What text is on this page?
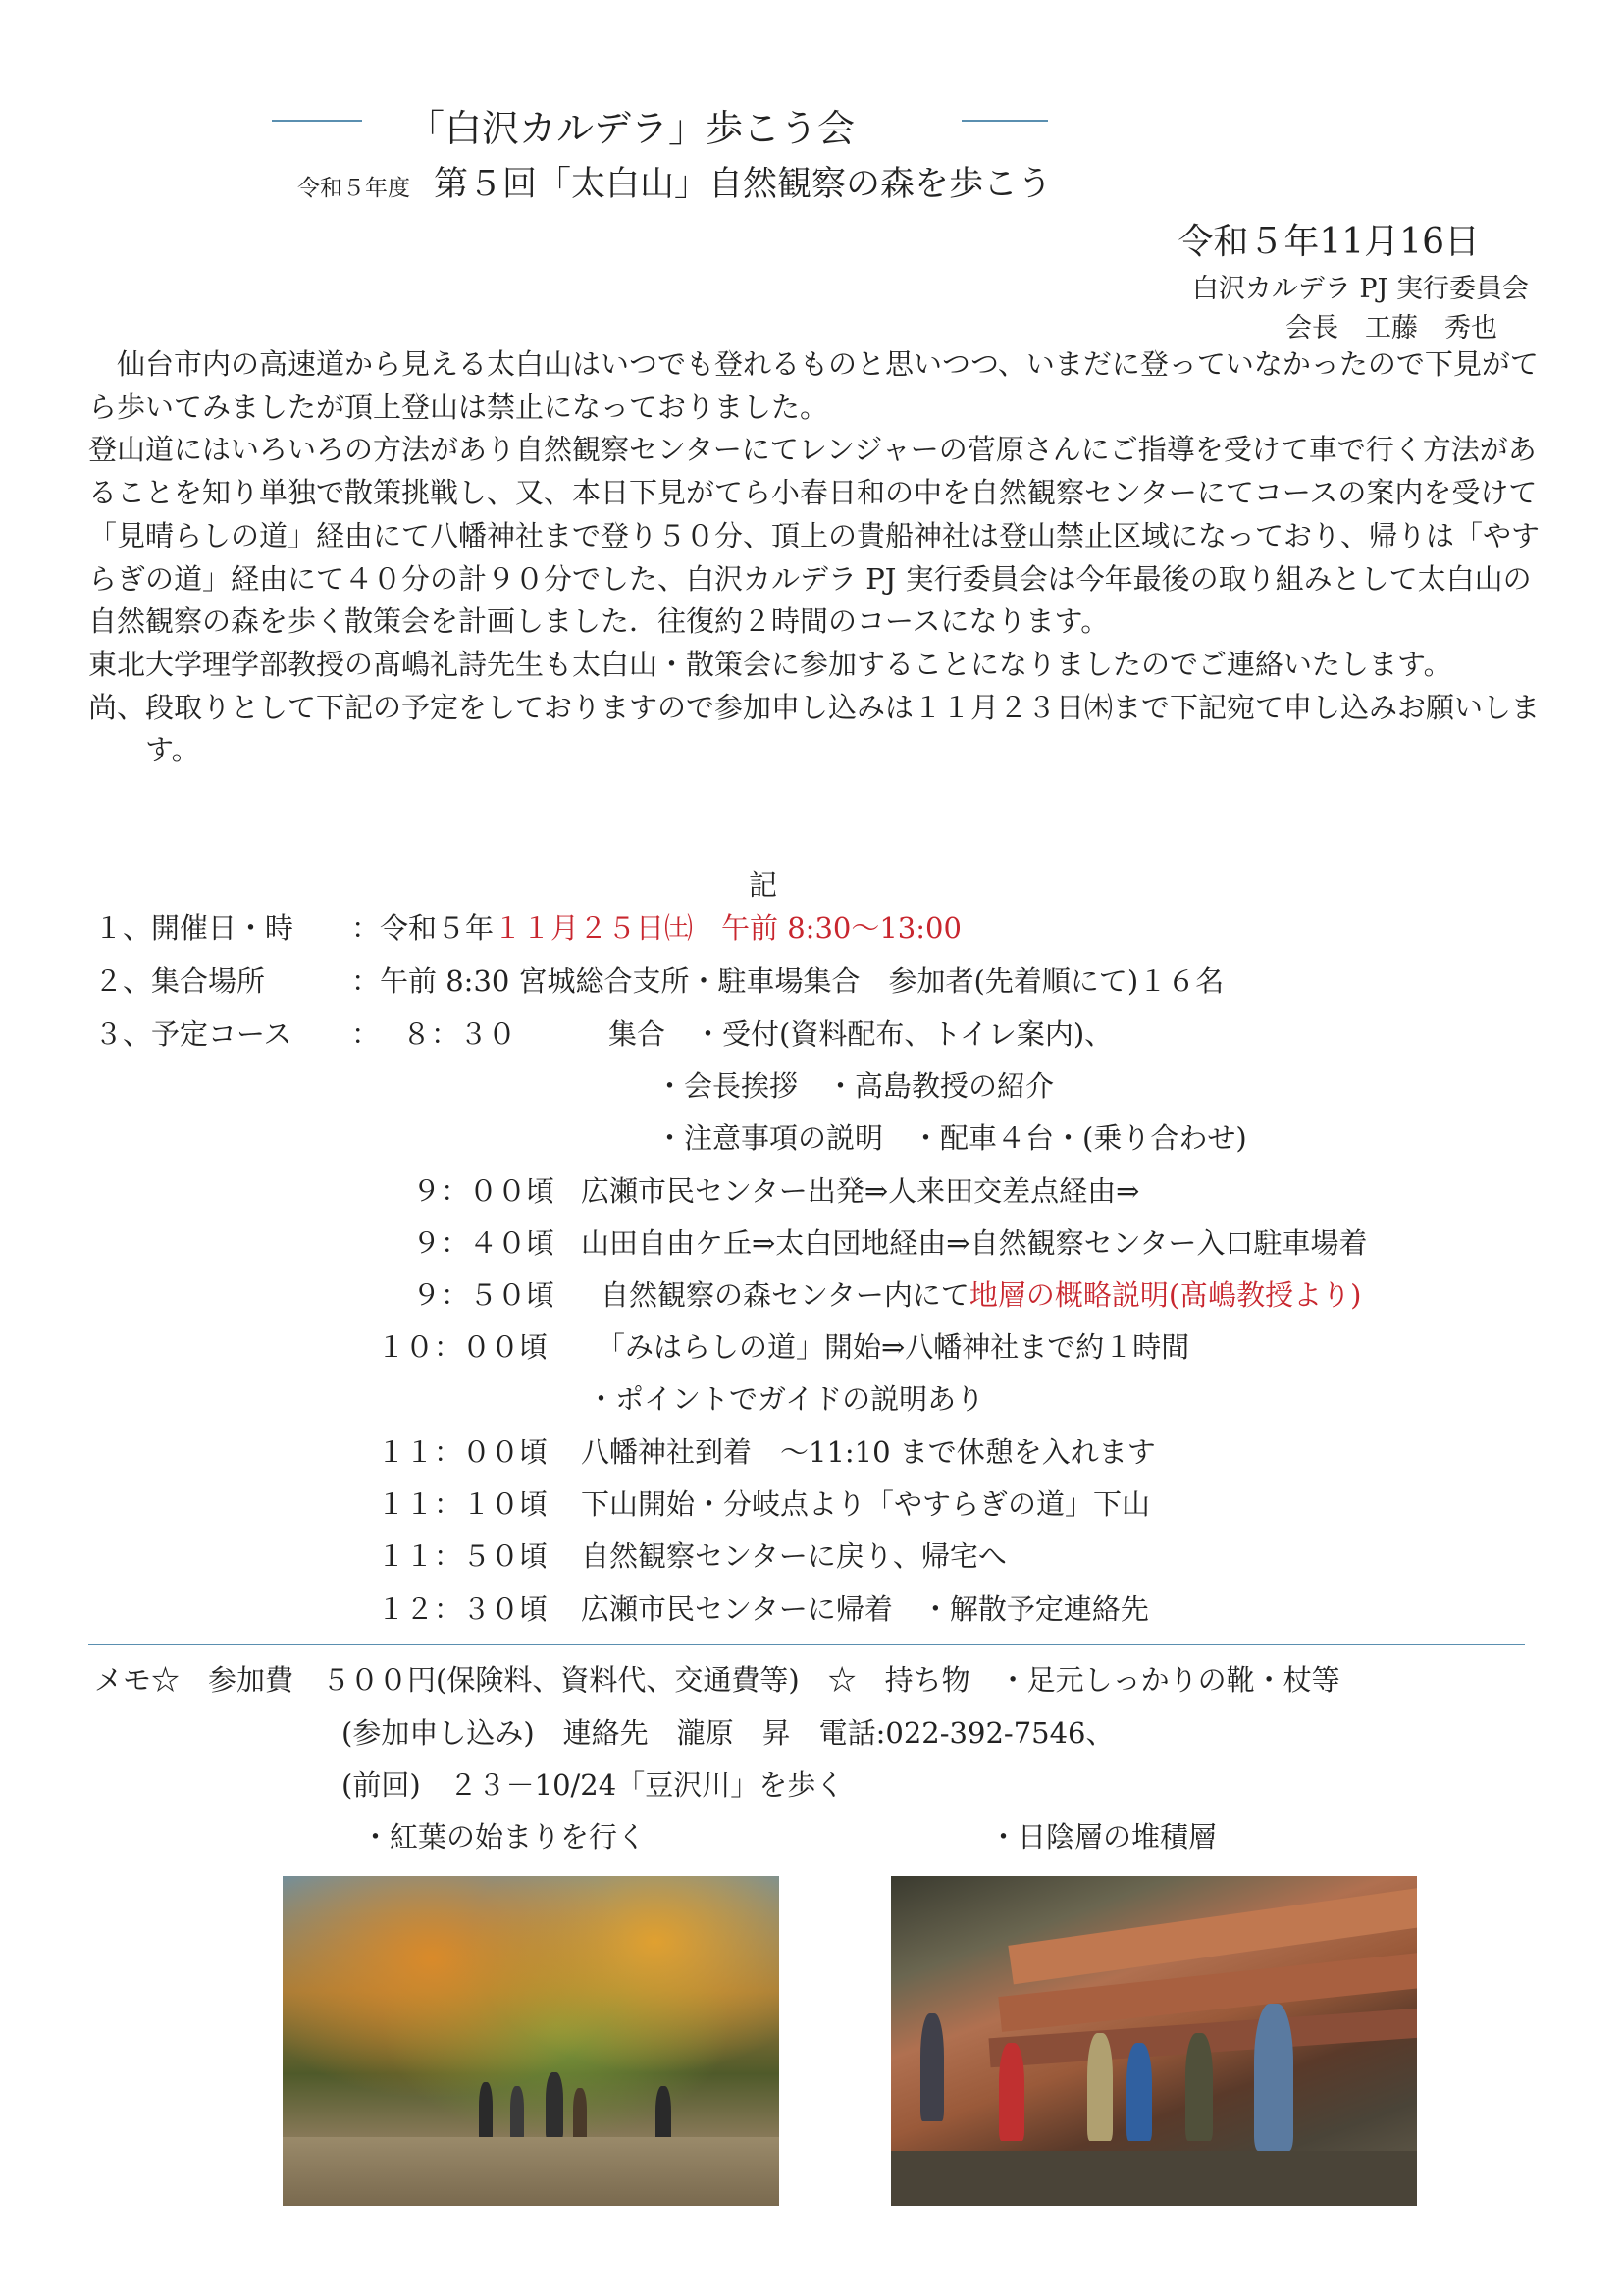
「白沢カルデラ」歩こう会
令和５年度 第５回「太白山」自然観察の森を歩こう
令和５年11月16日
白沢カルデラ PJ 実行委員会
会長　工藤　秀也

仙台市内の高速道から見える太白山はいつでも登れるものと思いつつ、いまだに登っていなかったので下見がてら歩いてみましたが頂上登山は禁止になっておりました。

登山道にはいろいろの方法があり自然観察センターにてレンジャーの菅原さんにご指導を受けて車で行く方法があることを知り単独で散策挑戦し、又、本日下見がてら小春日和の中を自然観察センターにてコースの案内を受けて「見晴らしの道」経由にて八幡神社まで登り５０分、頂上の貴船神社は登山禁止区域になっており、帰りは「やすらぎの道」経由にて４０分の計９０分でした、白沢カルデラ PJ 実行委員会は今年最後の取り組みとして太白山の自然観察の森を歩く散策会を計画しました．往復約２時間のコースになります。

東北大学理学部教授の髙嶋礼詩先生も太白山・散策会に参加することになりましたのでご連絡いたします。

尚、段取りとして下記の予定をしておりますので参加申し込みは１１月２３日㈭まで下記宛て申し込みお願いします。

記
１、開催日・時 ：令和５年１１月２５日㈯　午前 8:30～13:00
２、集合場所	：午前 8:30 宮城総合支所・駐車場集合　参加者(先着順にて)１６名
３、予定コース ： ８：３０	集合　・受付(資料配布、トイレ案内)、
・会長挨拶　・高島教授の紹介
・注意事項の説明　・配車４台・(乗り合わせ)
９：００頃 広瀬市民センター出発⇒人来田交差点経由⇒
９：４０頃 山田自由ケ丘⇒太白団地経由⇒自然観察センター入口駐車場着
９：５０頃 自然観察の森センター内にて地層の概略説明(髙嶋教授より)
１０：００頃 「みはらしの道」開始⇒八幡神社まで約１時間
・ポイントでガイドの説明あり
１１：００頃 八幡神社到着　～11:10 まで休憩を入れます
１１：１０頃 下山開始・分岐点より「やすらぎの道」下山
１１：５０頃 自然観察センターに戻り、帰宅へ
１２：３０頃 広瀬市民センターに帰着　・解散予定連絡先
メモ☆　参加費　５００円(保険料、資料代、交通費等)　☆　持ち物　・足元しっかりの靴・杖等
(参加申し込み)　連絡先　瀧原　昇　電話:022-392-7546、
(前回)　２３－10/24「豆沢川」を歩く
・紅葉の始まりを行く	・日陰層の堆積層
